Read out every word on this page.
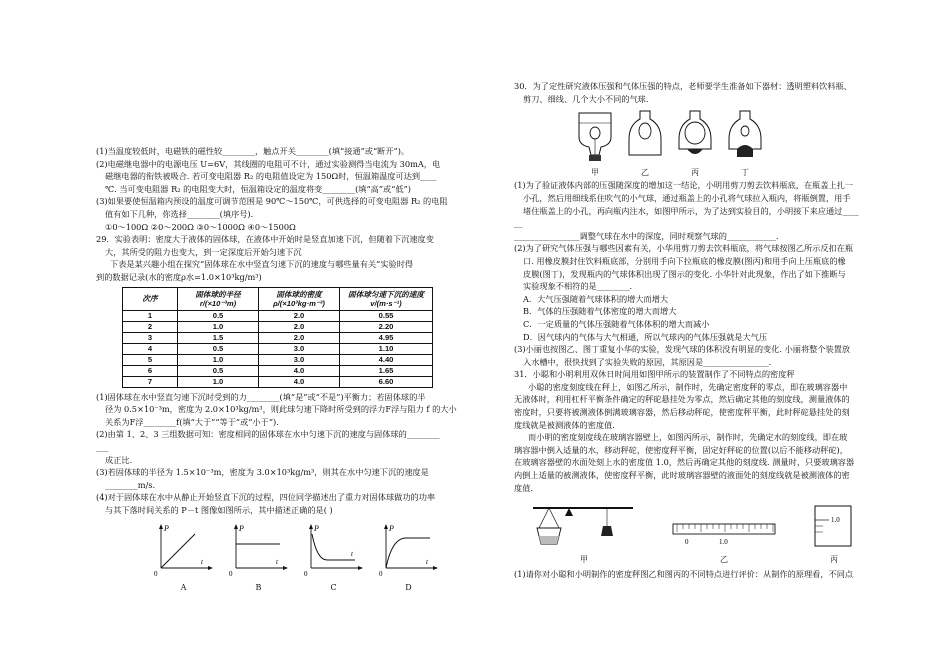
(1)当温度较低时，电磁铁的磁性较________，触点开关________(填“接通”或“断开”)。

(2)电磁继电器中的电源电压 U=6V，其线圈的电阻可不计，通过实验测得当电流为 30mA，电

磁继电器的衔铁被吸合. 若可变电阻器 R₂ 的电阻值设定为 150Ω时，恒温箱温度可达到____

℃. 当可变电阻器 R₂ 的电阻变大时，恒温箱设定的温度将变________(填“高”或“低”)

(3)如果要使恒温箱内预设的温度可调节范围是 90℃～150℃，可供选择的可变电阻器 R₂ 的电阻

值有如下几种，你选择________(填序号).

①0～100Ω ②0～200Ω ③0～1000Ω ④0～1500Ω

29．实验表明：密度大于液体的固体球，在液体中开始时是竖直加速下沉，但随着下沉速度变

大，其所受的阻力也变大，到一定深度后开始匀速下沉

下表是某兴趣小组在探究“固体球在水中竖直匀速下沉的速度与哪些量有关”实验时得

到的数据记录(水的密度ρ水=1.0×10³kg/m³)

次序	固体球的半径 r/(×10⁻³m)	固体球的密度 ρ/(×10³kg·m⁻³)	固体球匀速下沉的速度 v/(m·s⁻¹)
1	0.5	2.0	0.55
2	1.0	2.0	2.20
3	1.5	2.0	4.95
4	0.5	3.0	1.10
5	1.0	3.0	4.40
6	0.5	4.0	1.65
7	1.0	4.0	6.60

(1)固体球在水中竖直匀速下沉时受到的力________(填“是”或“不是”)平衡力；若固体球的半

径为 0.5×10⁻³m，密度为 2.0×10³kg/m³，则此球匀速下降时所受到的浮力F浮与阻力 f 的大小

关系为F浮________f(填“大于”“等于”或“小于”).

(2)由第 1、2、3 三组数据可知：密度相同的固体球在水中匀速下沉的速度与固体球的________

___

成正比.

(3)若固体球的半径为 1.5×10⁻³m，密度为 3.0×10³kg/m³，则其在水中匀速下沉的速度是

________m/s.

(4)对于固体球在水中从静止开始竖直下沉的过程，四位同学描述出了重力对固体球做功的功率

与其下落时间关系的 P－t 图像如图所示，其中描述正确的是( )

P
t
0
A
P
t
0
B
P
t
0
C
P
t
0
D

30．为了定性研究液体压强和气体压强的特点，老师要学生准备如下器材：透明塑料饮料瓶、

剪刀、细线、几个大小不同的气球.

甲	乙	丙	丁

(1)为了验证液体内部的压强随深度的增加这一结论，小明用剪刀剪去饮料瓶底，在瓶盖上扎一

小孔，然后用细线系住吹气的小气球，通过瓶盖上的小孔将气球拉入瓶内，将瓶倒置，用手

堵住瓶盖上的小孔，再向瓶内注水，如图甲所示，为了达到实验目的，小明接下来应通过____

__

________________调整气球在水中的深度，同时观察气球的____________.

(2)为了研究气体压强与哪些因素有关，小华用剪刀剪去饮料瓶底，将气球按图乙所示反扣在瓶

口. 用橡皮膜封住饮料瓶底部，分别用手向下拉瓶底的橡皮膜(图丙)和用手向上压瓶底的橡

皮膜(图丁)，发现瓶内的气球体积出现了图示的变化. 小华针对此现象，作出了如下推断与

实验现象不相符的是________.

A．大气压强随着气球体积的增大而增大

B．气体的压强随着气体密度的增大而增大

C．一定质量的气体压强随着气体体积的增大而减小

D．因气球内的气体与大气相通，所以气球内的气体压强就是大气压

(3)小丽也按图乙、图丁重复小华的实验，发现气球的体积没有明显的变化. 小丽将整个装置放

入水槽中，很快找到了实验失败的原因，其原因是________________.

31．小聪和小明利用双休日时间用如图甲所示的装置制作了不同特点的密度秤

小聪的密度刻度线在秤上，如图乙所示，制作时，先确定密度秤的零点，即在玻璃容器中

无液体时，利用杠杆平衡条件确定的秤砣悬挂处为零点，然后确定其他的刻度线，测量液体的

密度时，只要将被测液体倒满玻璃容器，然后移动秤砣，使密度秤平衡，此时秤砣悬挂处的刻

度线就是被测液体的密度值.

而小明的密度刻度线在玻璃容器壁上，如图丙所示，制作时，先确定水的刻度线，即在玻

璃容器中倒入适量的水，移动秤砣，使密度秤平衡，固定好秤砣的位置(以后不能移动秤砣)，

在玻璃容器壁的水面处刻上水的密度值 1.0，然后再确定其他的刻度线. 测量时，只要玻璃容器

内倒上适量的被测液体，使密度秤平衡，此时玻璃容器壁的液面处的刻度线就是被测液体的密

度值.

甲
0	1.0
乙
1.0
丙

(1)请你对小聪和小明制作的密度秤图乙和图丙的不同特点进行评价：从制作的原理看，不同点
